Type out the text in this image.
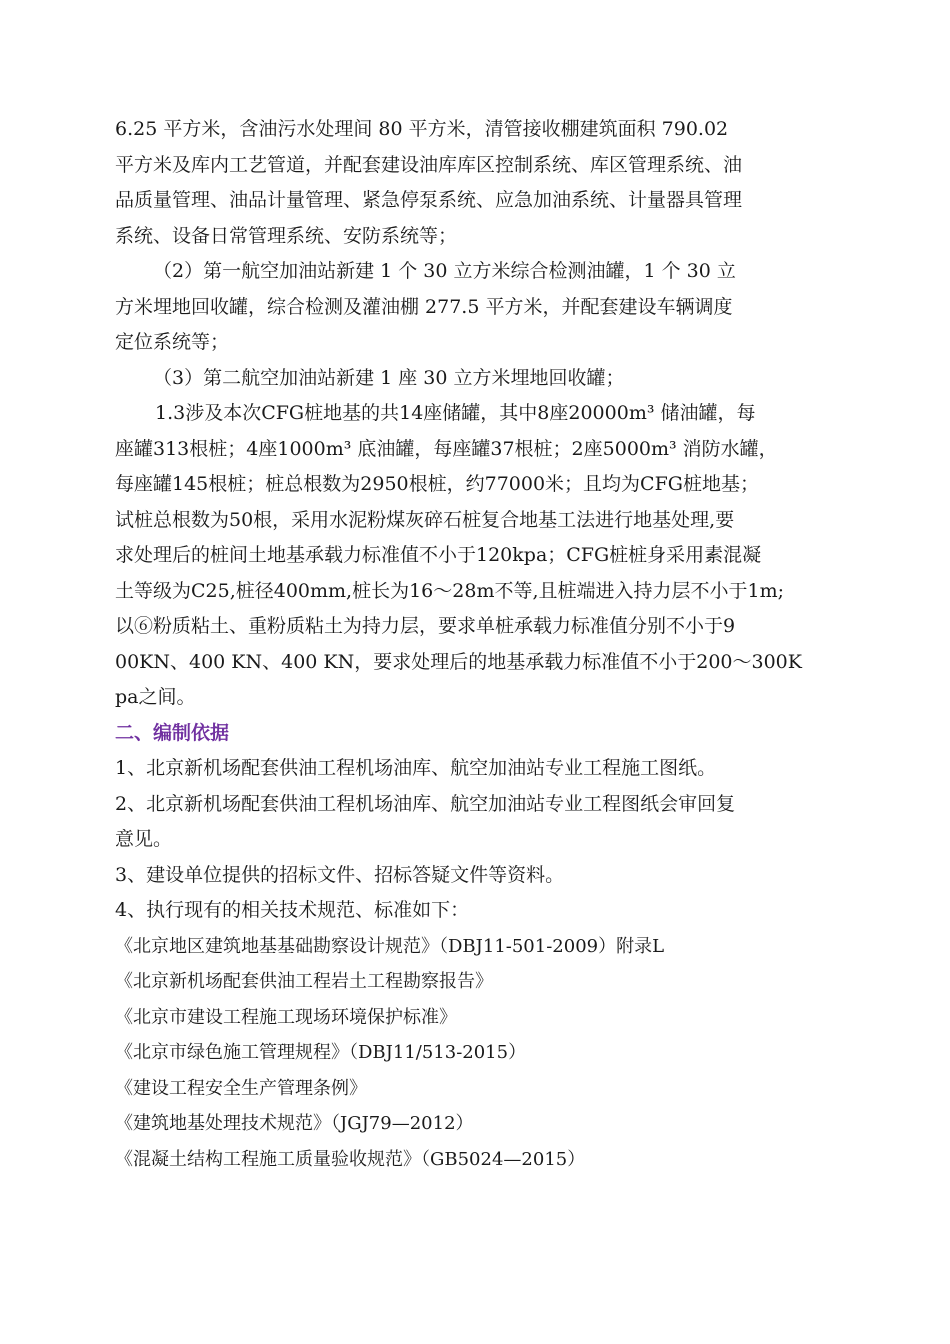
6.25 平方米，含油污水处理间 80 平方米，清管接收棚建筑面积 790.02
平方米及库内工艺管道，并配套建设油库库区控制系统、库区管理系统、油
品质量管理、油品计量管理、紧急停泵系统、应急加油系统、计量器具管理
系统、设备日常管理系统、安防系统等；
（2）第一航空加油站新建 1 个 30 立方米综合检测油罐，1 个 30 立
方米埋地回收罐，综合检测及灌油棚 277.5 平方米，并配套建设车辆调度
定位系统等；
（3）第二航空加油站新建 1 座 30 立方米埋地回收罐；
1.3涉及本次CFG桩地基的共14座储罐，其中8座20000m³ 储油罐，每
座罐313根桩；4座1000m³ 底油罐，每座罐37根桩；2座5000m³ 消防水罐，
每座罐145根桩；桩总根数为2950根桩，约77000米；且均为CFG桩地基；
试桩总根数为50根，采用水泥粉煤灰碎石桩复合地基工法进行地基处理,要
求处理后的桩间土地基承载力标准值不小于120kpa；CFG桩桩身采用素混凝
土等级为C25,桩径400mm,桩长为16～28m不等,且桩端进入持力层不小于1m;
以⑥粉质粘土、重粉质粘土为持力层，要求单桩承载力标准值分别不小于9
00KN、400 KN、400 KN，要求处理后的地基承载力标准值不小于200～300K
pa之间。
二、编制依据
1、北京新机场配套供油工程机场油库、航空加油站专业工程施工图纸。
2、北京新机场配套供油工程机场油库、航空加油站专业工程图纸会审回复
意见。
3、建设单位提供的招标文件、招标答疑文件等资料。
4、执行现有的相关技术规范、标准如下：
《北京地区建筑地基基础勘察设计规范》（DBJ11-501-2009）附录L
《北京新机场配套供油工程岩土工程勘察报告》
《北京市建设工程施工现场环境保护标准》
《北京市绿色施工管理规程》（DBJ11/513-2015）
《建设工程安全生产管理条例》
《建筑地基处理技术规范》（JGJ79—2012）
《混凝土结构工程施工质量验收规范》（GB5024—2015）
